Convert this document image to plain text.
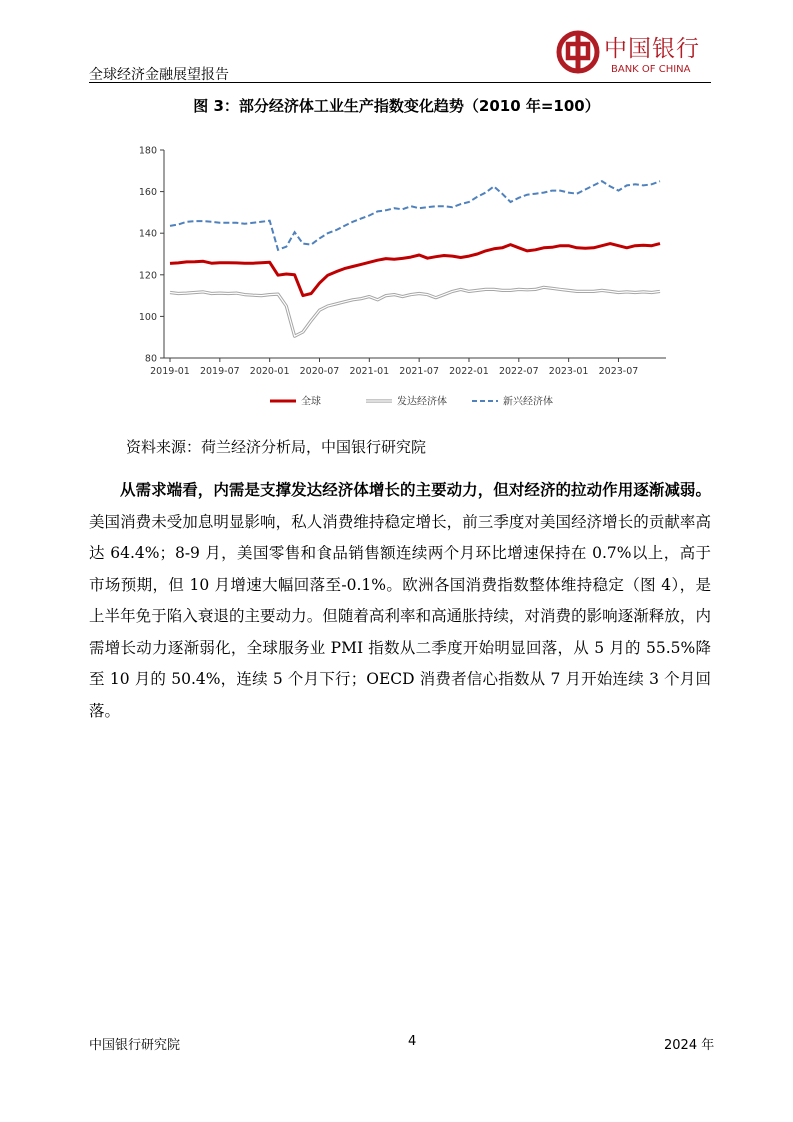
全球经济金融展望报告
中国银行
BANK OF CHINA
图 3：部分经济体工业生产指数变化趋势（2010 年=100）
80
100
120
140
160
180
2019-01 2019-07 2020-01 2020-07 2021-01 2021-07 2022-01 2022-07 2023-01 2023-07
全球	发达经济体	新兴经济体
资料来源：荷兰经济分析局，中国银行研究院

从需求端看，内需是支撑发达经济体增长的主要动力，但对经济的拉动作用逐渐减弱。美国消费未受加息明显影响，私人消费维持稳定增长，前三季度对美国经济增长的贡献率高达 64.4%；8-9 月，美国零售和食品销售额连续两个月环比增速保持在 0.7%以上，高于市场预期，但 10 月增速大幅回落至-0.1%。欧洲各国消费指数整体维持稳定（图 4），是上半年免于陷入衰退的主要动力。但随着高利率和高通胀持续，对消费的影响逐渐释放，内需增长动力逐渐弱化，全球服务业 PMI 指数从二季度开始明显回落，从 5 月的 55.5%降至 10 月的 50.4%，连续 5 个月下行；OECD 消费者信心指数从 7 月开始连续 3 个月回落。

中国银行研究院	4	2024 年
